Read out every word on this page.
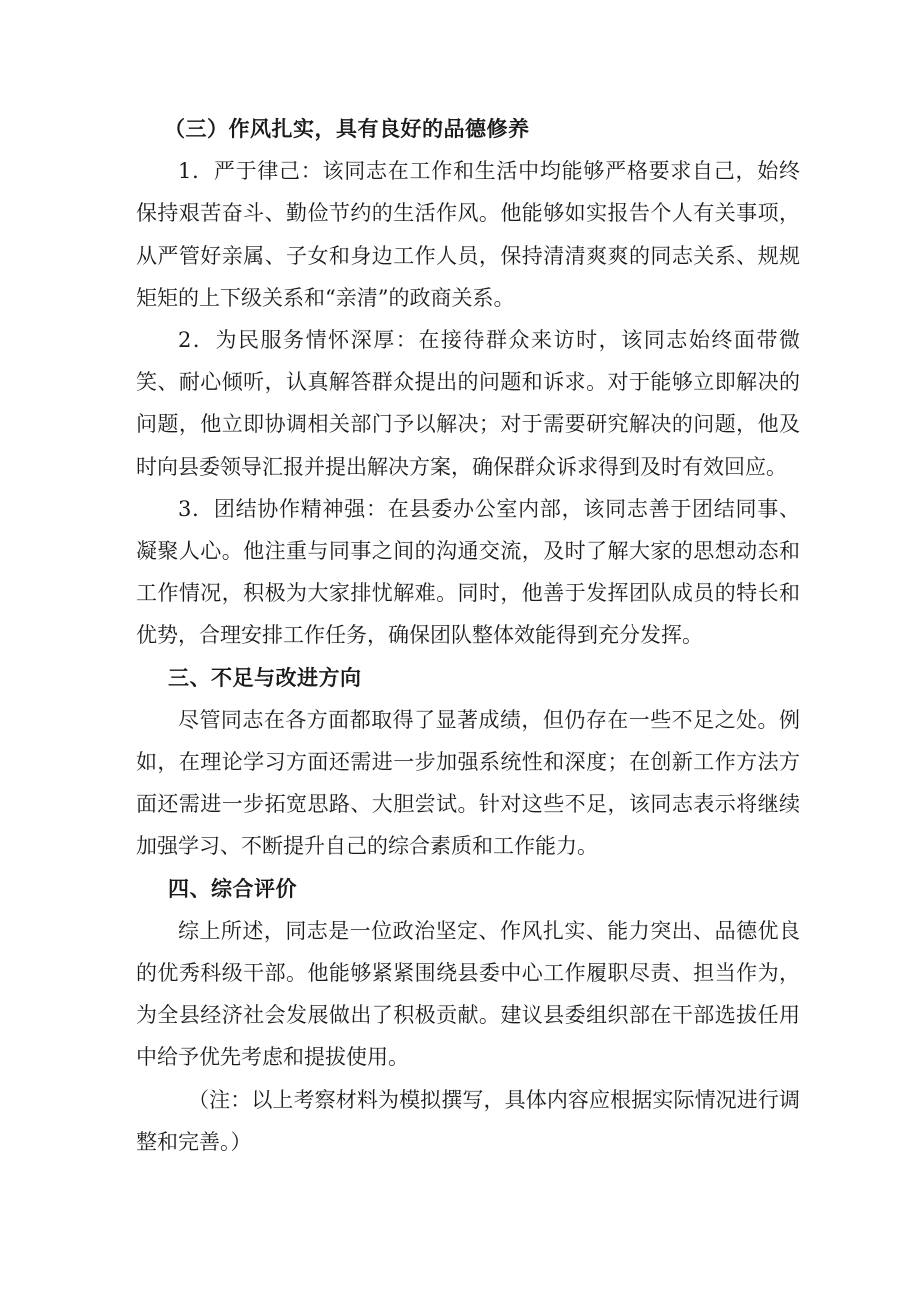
（三）作风扎实，具有良好的品德修养

1．严于律己：该同志在工作和生活中均能够严格要求自己，始终保持艰苦奋斗、勤俭节约的生活作风。他能够如实报告个人有关事项，从严管好亲属、子女和身边工作人员，保持清清爽爽的同志关系、规规矩矩的上下级关系和“亲清”的政商关系。

2．为民服务情怀深厚：在接待群众来访时，该同志始终面带微笑、耐心倾听，认真解答群众提出的问题和诉求。对于能够立即解决的问题，他立即协调相关部门予以解决；对于需要研究解决的问题，他及时向县委领导汇报并提出解决方案，确保群众诉求得到及时有效回应。

3．团结协作精神强：在县委办公室内部，该同志善于团结同事、凝聚人心。他注重与同事之间的沟通交流，及时了解大家的思想动态和工作情况，积极为大家排忧解难。同时，他善于发挥团队成员的特长和优势，合理安排工作任务，确保团队整体效能得到充分发挥。

三、不足与改进方向

尽管同志在各方面都取得了显著成绩，但仍存在一些不足之处。例如，在理论学习方面还需进一步加强系统性和深度；在创新工作方法方面还需进一步拓宽思路、大胆尝试。针对这些不足，该同志表示将继续加强学习、不断提升自己的综合素质和工作能力。

四、综合评价

综上所述，同志是一位政治坚定、作风扎实、能力突出、品德优良的优秀科级干部。他能够紧紧围绕县委中心工作履职尽责、担当作为，为全县经济社会发展做出了积极贡献。建议县委组织部在干部选拔任用中给予优先考虑和提拔使用。

（注：以上考察材料为模拟撰写，具体内容应根据实际情况进行调整和完善。）
